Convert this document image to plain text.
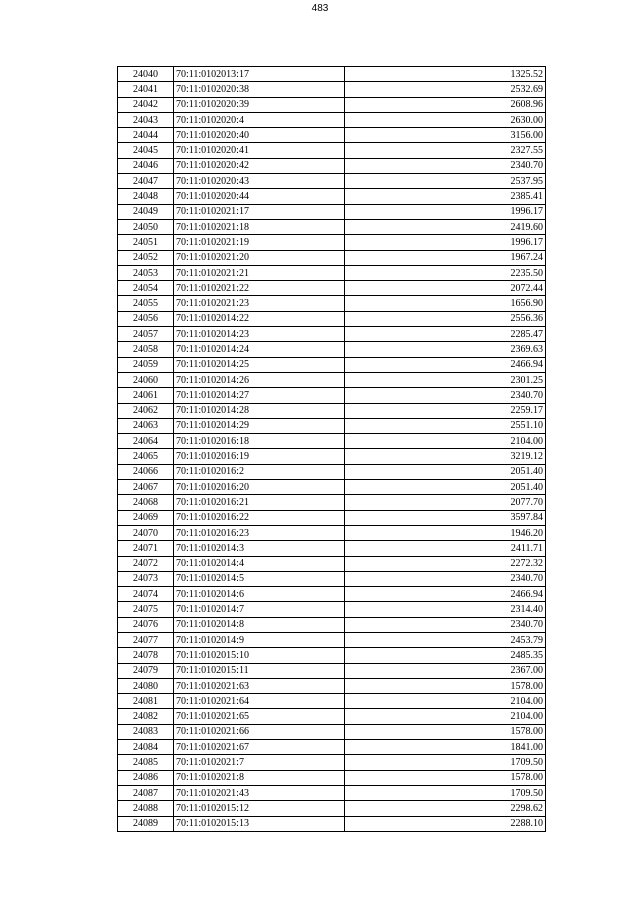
483
24040	70:11:0102013:17	1325.52
24041	70:11:0102020:38	2532.69
24042	70:11:0102020:39	2608.96
24043	70:11:0102020:4	2630.00
24044	70:11:0102020:40	3156.00
24045	70:11:0102020:41	2327.55
24046	70:11:0102020:42	2340.70
24047	70:11:0102020:43	2537.95
24048	70:11:0102020:44	2385.41
24049	70:11:0102021:17	1996.17
24050	70:11:0102021:18	2419.60
24051	70:11:0102021:19	1996.17
24052	70:11:0102021:20	1967.24
24053	70:11:0102021:21	2235.50
24054	70:11:0102021:22	2072.44
24055	70:11:0102021:23	1656.90
24056	70:11:0102014:22	2556.36
24057	70:11:0102014:23	2285.47
24058	70:11:0102014:24	2369.63
24059	70:11:0102014:25	2466.94
24060	70:11:0102014:26	2301.25
24061	70:11:0102014:27	2340.70
24062	70:11:0102014:28	2259.17
24063	70:11:0102014:29	2551.10
24064	70:11:0102016:18	2104.00
24065	70:11:0102016:19	3219.12
24066	70:11:0102016:2	2051.40
24067	70:11:0102016:20	2051.40
24068	70:11:0102016:21	2077.70
24069	70:11:0102016:22	3597.84
24070	70:11:0102016:23	1946.20
24071	70:11:0102014:3	2411.71
24072	70:11:0102014:4	2272.32
24073	70:11:0102014:5	2340.70
24074	70:11:0102014:6	2466.94
24075	70:11:0102014:7	2314.40
24076	70:11:0102014:8	2340.70
24077	70:11:0102014:9	2453.79
24078	70:11:0102015:10	2485.35
24079	70:11:0102015:11	2367.00
24080	70:11:0102021:63	1578.00
24081	70:11:0102021:64	2104.00
24082	70:11:0102021:65	2104.00
24083	70:11:0102021:66	1578.00
24084	70:11:0102021:67	1841.00
24085	70:11:0102021:7	1709.50
24086	70:11:0102021:8	1578.00
24087	70:11:0102021:43	1709.50
24088	70:11:0102015:12	2298.62
24089	70:11:0102015:13	2288.10
